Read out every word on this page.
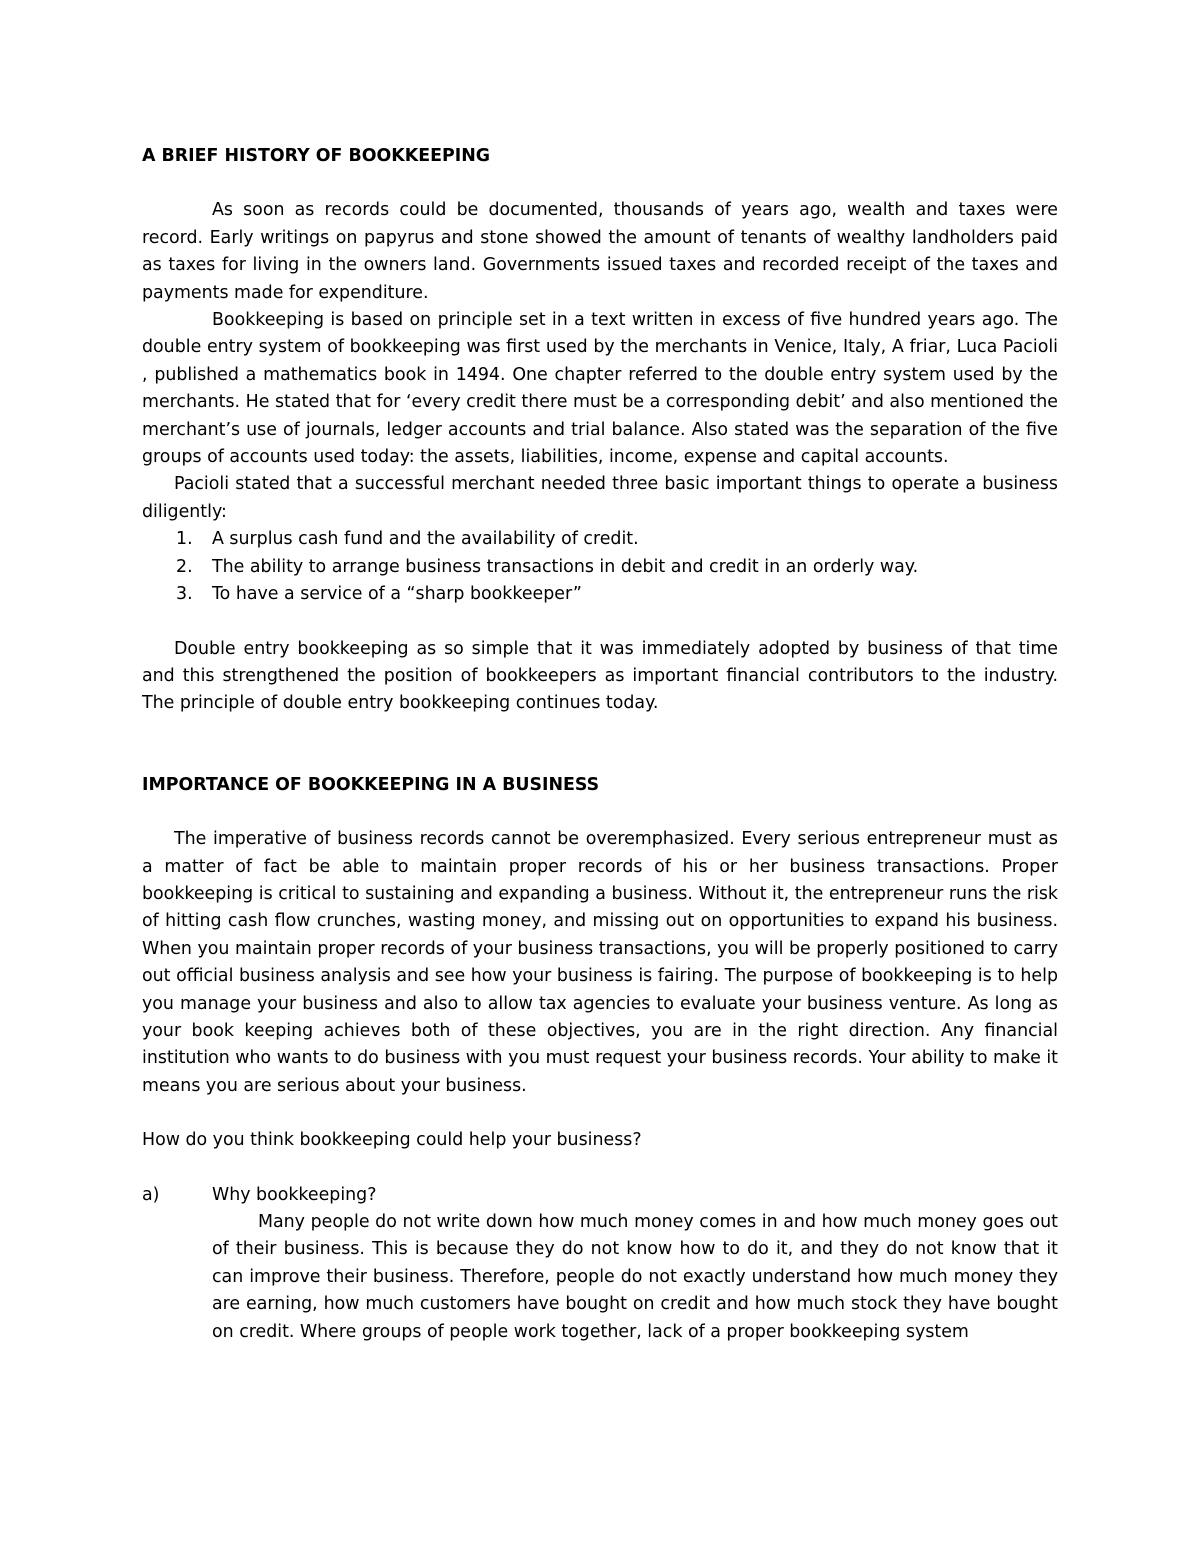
A BRIEF HISTORY OF BOOKKEEPING

As soon as records could be documented, thousands of years ago, wealth and taxes were record. Early writings on papyrus and stone showed the amount of tenants of wealthy landholders paid as taxes for living in the owners land. Governments issued taxes and recorded receipt of the taxes and payments made for expenditure.

Bookkeeping is based on principle set in a text written in excess of five hundred years ago. The double entry system of bookkeeping was first used by the merchants in Venice, Italy, A friar, Luca Pacioli , published a mathematics book in 1494. One chapter referred to the double entry system used by the merchants. He stated that for ‘every credit there must be a corresponding debit’ and also mentioned the merchant’s use of journals, ledger accounts and trial balance. Also stated was the separation of the five groups of accounts used today: the assets, liabilities, income, expense and capital accounts.

Pacioli stated that a successful merchant needed three basic important things to operate a business diligently:

1. A surplus cash fund and the availability of credit.
2. The ability to arrange business transactions in debit and credit in an orderly way.
3. To have a service of a “sharp bookkeeper”

Double entry bookkeeping as so simple that it was immediately adopted by business of that time and this strengthened the position of bookkeepers as important financial contributors to the industry. The principle of double entry bookkeeping continues today.

IMPORTANCE OF BOOKKEEPING IN A BUSINESS

The imperative of business records cannot be overemphasized. Every serious entrepreneur must as a matter of fact be able to maintain proper records of his or her business transactions. Proper bookkeeping is critical to sustaining and expanding a business. Without it, the entrepreneur runs the risk of hitting cash flow crunches, wasting money, and missing out on opportunities to expand his business. When you maintain proper records of your business transactions, you will be properly positioned to carry out official business analysis and see how your business is fairing. The purpose of bookkeeping is to help you manage your business and also to allow tax agencies to evaluate your business venture. As long as your book keeping achieves both of these objectives, you are in the right direction. Any financial institution who wants to do business with you must request your business records. Your ability to make it means you are serious about your business.

How do you think bookkeeping could help your business?

a)	Why bookkeeping?

Many people do not write down how much money comes in and how much money goes out of their business. This is because they do not know how to do it, and they do not know that it can improve their business. Therefore, people do not exactly understand how much money they are earning, how much customers have bought on credit and how much stock they have bought on credit. Where groups of people work together, lack of a proper bookkeeping system
